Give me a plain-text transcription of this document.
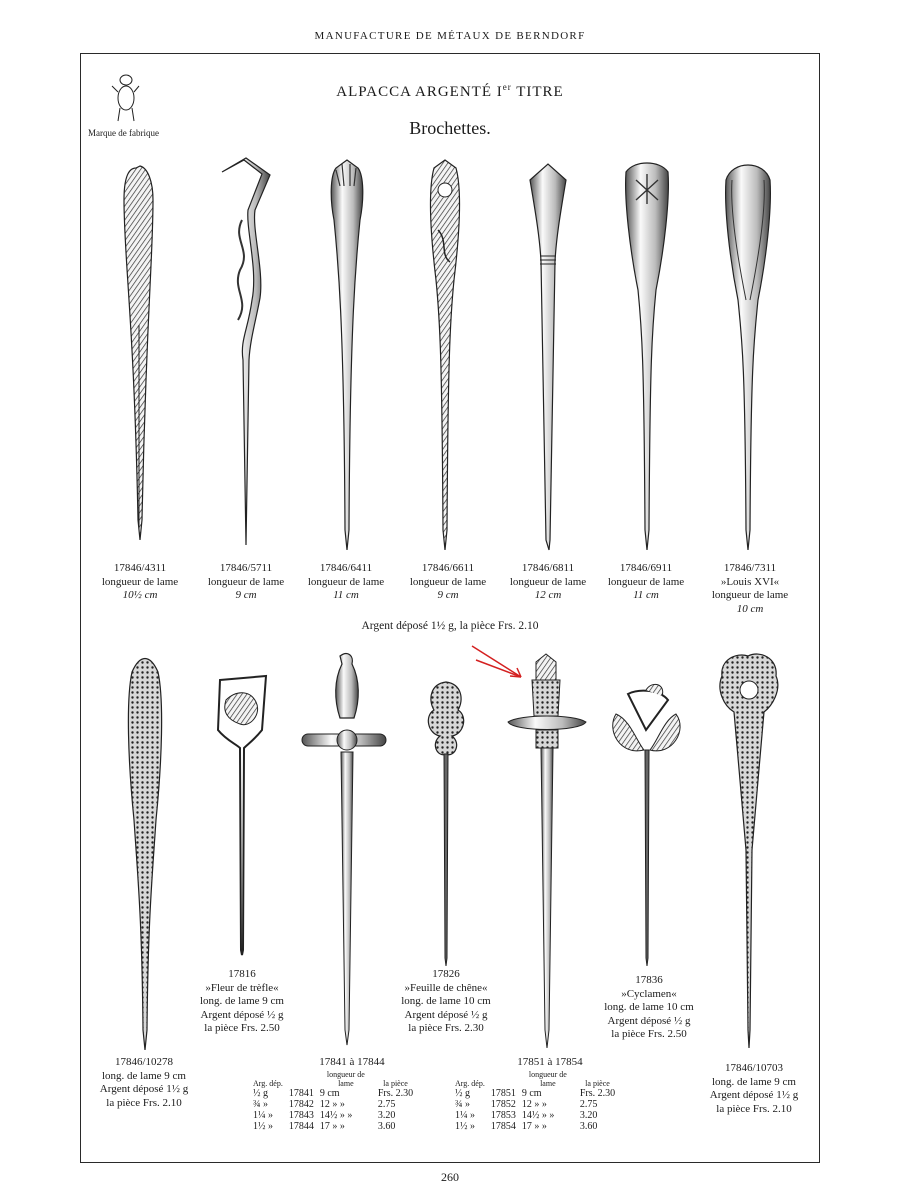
MANUFACTURE DE MÉTAUX DE BERNDORF
ALPACCA ARGENTÉ Ier TITRE
Brochettes.
Marque de fabrique
17846/4311
longueur de lame
10½ cm
17846/5711
longueur de lame
9 cm
17846/6411
longueur de lame
11 cm
17846/6611
longueur de lame
9 cm
17846/6811
longueur de lame
12 cm
17846/6911
longueur de lame
11 cm
17846/7311
»Louis XVI«
longueur de lame
10 cm
Argent déposé 1½ g, la pièce Frs. 2.10
17816
»Fleur de trèfle«
long. de lame 9 cm
Argent déposé ½ g
la pièce Frs. 2.50
17826
»Feuille de chêne«
long. de lame 10 cm
Argent déposé ½ g
la pièce Frs. 2.30
17836
»Cyclamen«
long. de lame 10 cm
Argent déposé ½ g
la pièce Frs. 2.50
17846/10278
long. de lame 9 cm
Argent déposé 1½ g
la pièce Frs. 2.10
17846/10703
long. de lame 9 cm
Argent déposé 1½ g
la pièce Frs. 2.10
17841 à 17844	17851 à 17854
Arg. dép.		longueur de lame	la pièce
½ g	17841	9 cm	Frs. 2.30
¾ »	17842	12 » »	2.75
1¼ »	17843	14½ » »	3.20
1½ »	17844	17 » »	3.60
Arg. dép.		longueur de lame	la pièce
½ g	17851	9 cm	Frs. 2.30
¾ »	17852	12 » »	2.75
1¼ »	17853	14½ » »	3.20
1½ »	17854	17 » »	3.60
260
